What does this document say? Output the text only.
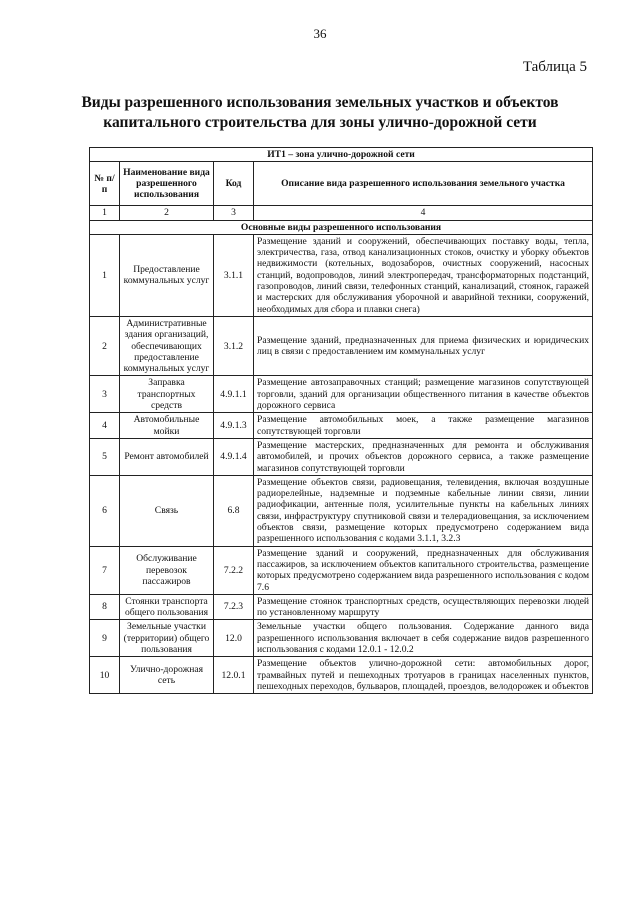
36
Таблица 5
Виды разрешенного использования земельных участков и объектов капитального строительства для зоны улично-дорожной сети
ИТ1 – зона улично-дорожной сети			
№ п/п	Наименование вида разрешенного использования	Код	Описание вида разрешенного использования земельного участка
1	2	3	4
Основные виды разрешенного использования			
1	Предоставление коммунальных услуг	3.1.1	Размещение зданий и сооружений, обеспечивающих поставку воды, тепла, электричества, газа, отвод канализационных стоков, очистку и уборку объектов недвижимости (котельных, водозаборов, очистных сооружений, насосных станций, водопроводов, линий электропередач, трансформаторных подстанций, газопроводов, линий связи, телефонных станций, канализаций, стоянок, гаражей и мастерских для обслуживания уборочной и аварийной техники, сооружений, необходимых для сбора и плавки снега)
2	Административные здания организаций, обеспечивающих предоставление коммунальных услуг	3.1.2	Размещение зданий, предназначенных для приема физических и юридических лиц в связи с предоставлением им коммунальных услуг
3	Заправка транспортных средств	4.9.1.1	Размещение автозаправочных станций; размещение магазинов сопутствующей торговли, зданий для организации общественного питания в качестве объектов дорожного сервиса
4	Автомобильные мойки	4.9.1.3	Размещение автомобильных моек, а также размещение магазинов сопутствующей торговли
5	Ремонт автомобилей	4.9.1.4	Размещение мастерских, предназначенных для ремонта и обслуживания автомобилей, и прочих объектов дорожного сервиса, а также размещение магазинов сопутствующей торговли
6	Связь	6.8	Размещение объектов связи, радиовещания, телевидения, включая воздушные радиорелейные, надземные и подземные кабельные линии связи, линии радиофикации, антенные поля, усилительные пункты на кабельных линиях связи, инфраструктуру спутниковой связи и телерадиовещания, за исключением объектов связи, размещение которых предусмотрено содержанием вида разрешенного использования с кодами 3.1.1, 3.2.3
7	Обслуживание перевозок пассажиров	7.2.2	Размещение зданий и сооружений, предназначенных для обслуживания пассажиров, за исключением объектов капитального строительства, размещение которых предусмотрено содержанием вида разрешенного использования с кодом 7.6
8	Стоянки транспорта общего пользования	7.2.3	Размещение стоянок транспортных средств, осуществляющих перевозки людей по установленному маршруту
9	Земельные участки (территории) общего пользования	12.0	Земельные участки общего пользования. Содержание данного вида разрешенного использования включает в себя содержание видов разрешенного использования с кодами 12.0.1 - 12.0.2
10	Улично-дорожная сеть	12.0.1	Размещение объектов улично-дорожной сети: автомобильных дорог, трамвайных путей и пешеходных тротуаров в границах населенных пунктов, пешеходных переходов, бульваров, площадей, проездов, велодорожек и объектов
